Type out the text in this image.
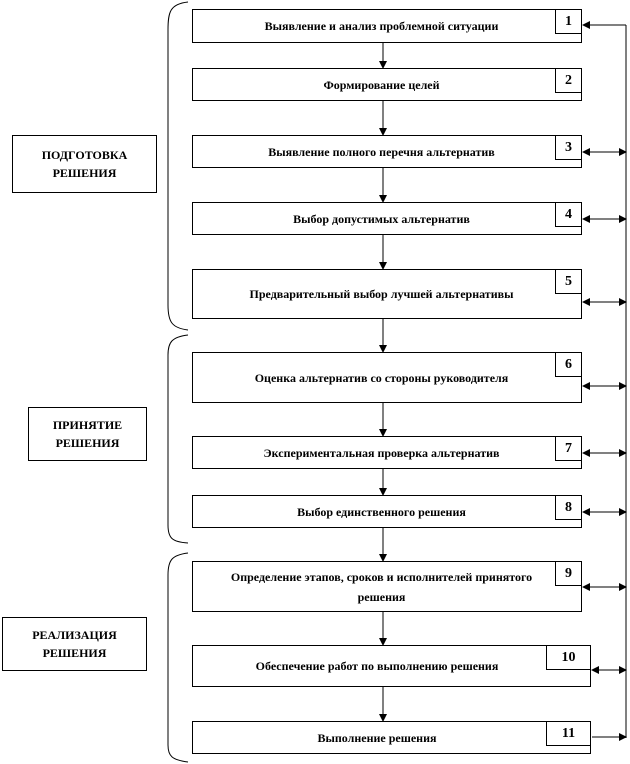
ПОДГОТОВКА
РЕШЕНИЯ
ПРИНЯТИЕ
РЕШЕНИЯ
РЕАЛИЗАЦИЯ
РЕШЕНИЯ
Выявление и анализ проблемной ситуации	1
Формирование целей	2
Выявление полного перечня альтернатив	3
Выбор допустимых альтернатив	4
Предварительный выбор лучшей альтернативы
5
Оценка альтернатив со стороны руководителя
6
Экспериментальная проверка альтернатив	7
Выбор единственного решения	8
Определение этапов, сроков и исполнителей принятого решения
9
Обеспечение работ по выполнению решения
10
Выполнение решения	11
